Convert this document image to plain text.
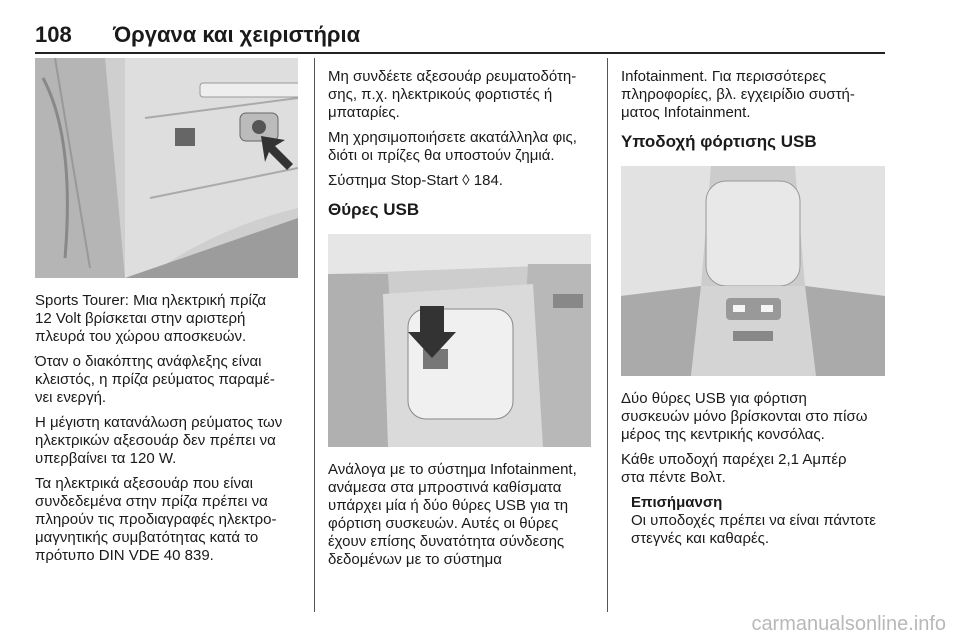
108 Όργανα και χειριστήρια

Sports Tourer: Μια ηλεκτρική πρίζα
12 Volt βρίσκεται στην αριστερή
πλευρά του χώρου αποσκευών.

Όταν ο διακόπτης ανάφλεξης είναι
κλειστός, η πρίζα ρεύματος παραμέ-
νει ενεργή.

Η μέγιστη κατανάλωση ρεύματος των
ηλεκτρικών αξεσουάρ δεν πρέπει να
υπερβαίνει τα 120 W.

Τα ηλεκτρικά αξεσουάρ που είναι
συνδεδεμένα στην πρίζα πρέπει να
πληρούν τις προδιαγραφές ηλεκτρο-
μαγνητικής συμβατότητας κατά το
πρότυπο DIN VDE 40 839.

Μη συνδέετε αξεσουάρ ρευματοδότη-
σης, π.χ. ηλεκτρικούς φορτιστές ή
μπαταρίες.

Μη χρησιμοποιήσετε ακατάλληλα φις,
διότι οι πρίζες θα υποστούν ζημιά.

Σύστημα Stop-Start ◊ 184.

Θύρες USB

Ανάλογα με το σύστημα Infotainment,
ανάμεσα στα μπροστινά καθίσματα
υπάρχει μία ή δύο θύρες USB για τη
φόρτιση συσκευών. Αυτές οι θύρες
έχουν επίσης δυνατότητα σύνδεσης
δεδομένων με το σύστημα

Infotainment. Για περισσότερες
πληροφορίες, βλ. εγχειρίδιο συστή-
ματος Infotainment.

Υποδοχή φόρτισης USB

Δύο θύρες USB για φόρτιση
συσκευών μόνο βρίσκονται στο πίσω
μέρος της κεντρικής κονσόλας.

Κάθε υποδοχή παρέχει 2,1 Αμπέρ
στα πέντε Βολτ.

Επισήμανση
Οι υποδοχές πρέπει να είναι πάντοτε
στεγνές και καθαρές.
carmanualsonline.info
